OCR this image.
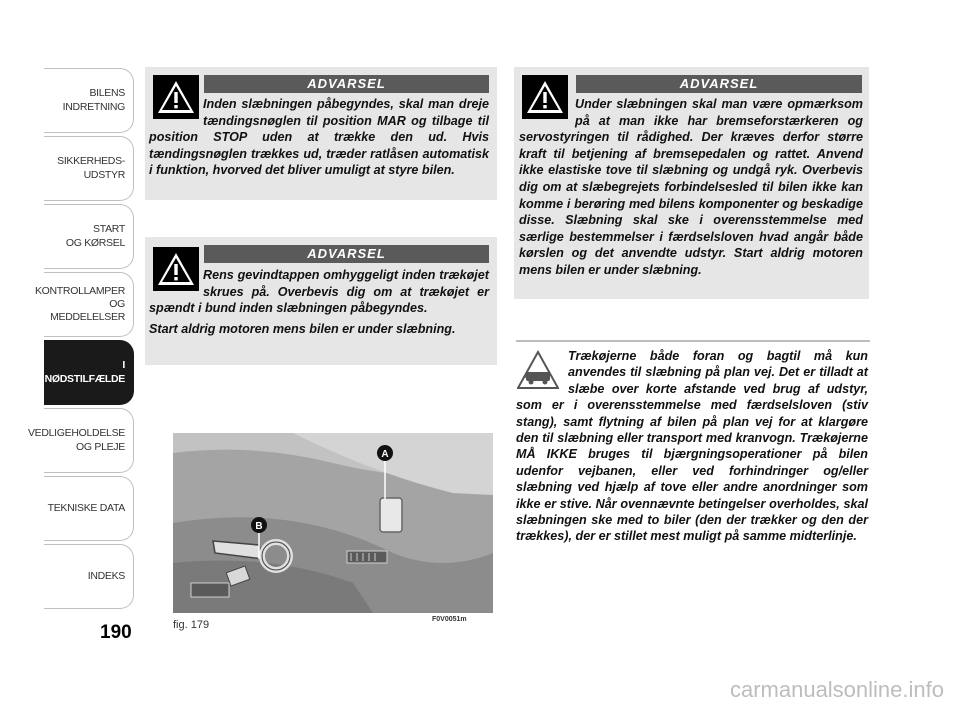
BILENS
INDRETNING
SIKKERHEDS-
UDSTYR
START
OG KØRSEL
KONTROLLAMPER
OG MEDDELELSER
I NØDSTILFÆLDE
VEDLIGEHOLDELSE
OG PLEJE
TEKNISKE DATA
INDEKS
190
ADVARSEL

Inden slæbningen påbegyndes, skal man dreje tændingsnøglen til position MAR og tilbage til position STOP uden at trække den ud. Hvis tændingsnøglen trækkes ud, træder ratlåsen automatisk i funktion, hvorved det bliver umuligt at styre bilen.

ADVARSEL

Rens gevindtappen omhyggeligt inden trækøjet skrues på. Overbevis dig om at trækøjet er spændt i bund inden slæbningen påbegyndes.

Start aldrig motoren mens bilen er under slæbning.

ADVARSEL

Under slæbningen skal man være opmærksom på at man ikke har bremseforstærkeren og servostyringen til rådighed. Der kræves derfor større kraft til betjening af bremsepedalen og rattet. Anvend ikke elastiske tove til slæbning og undgå ryk. Overbevis dig om at slæbegrejets forbindelsesled til bilen ikke kan komme i berøring med bilens komponenter og beskadige disse. Slæbning skal ske i overensstemmelse med særlige bestemmelser i færdselsloven hvad angår både kørslen og det anvendte udstyr. Start aldrig motoren mens bilen er under slæbning.

Trækøjerne både foran og bagtil må kun anvendes til slæbning på plan vej. Det er tilladt at slæbe over korte afstande ved brug af udstyr, som er i overensstemmelse med færdselsloven (stiv stang), samt flytning af bilen på plan vej for at klargøre den til slæbning eller transport med kranvogn. Trækøjerne MÅ IKKE bruges til bjærgningsoperationer på bilen udenfor vejbanen, eller ved forhindringer og/eller slæbning ved hjælp af tove eller andre anordninger som ikke er stive. Når ovennævnte betingelser overholdes, skal slæbningen ske med to biler (den der trækker og den der trækkes), der er stillet mest muligt på samme midterlinje.
A
B
fig. 179	F0V0051m
carmanualsonline.info
